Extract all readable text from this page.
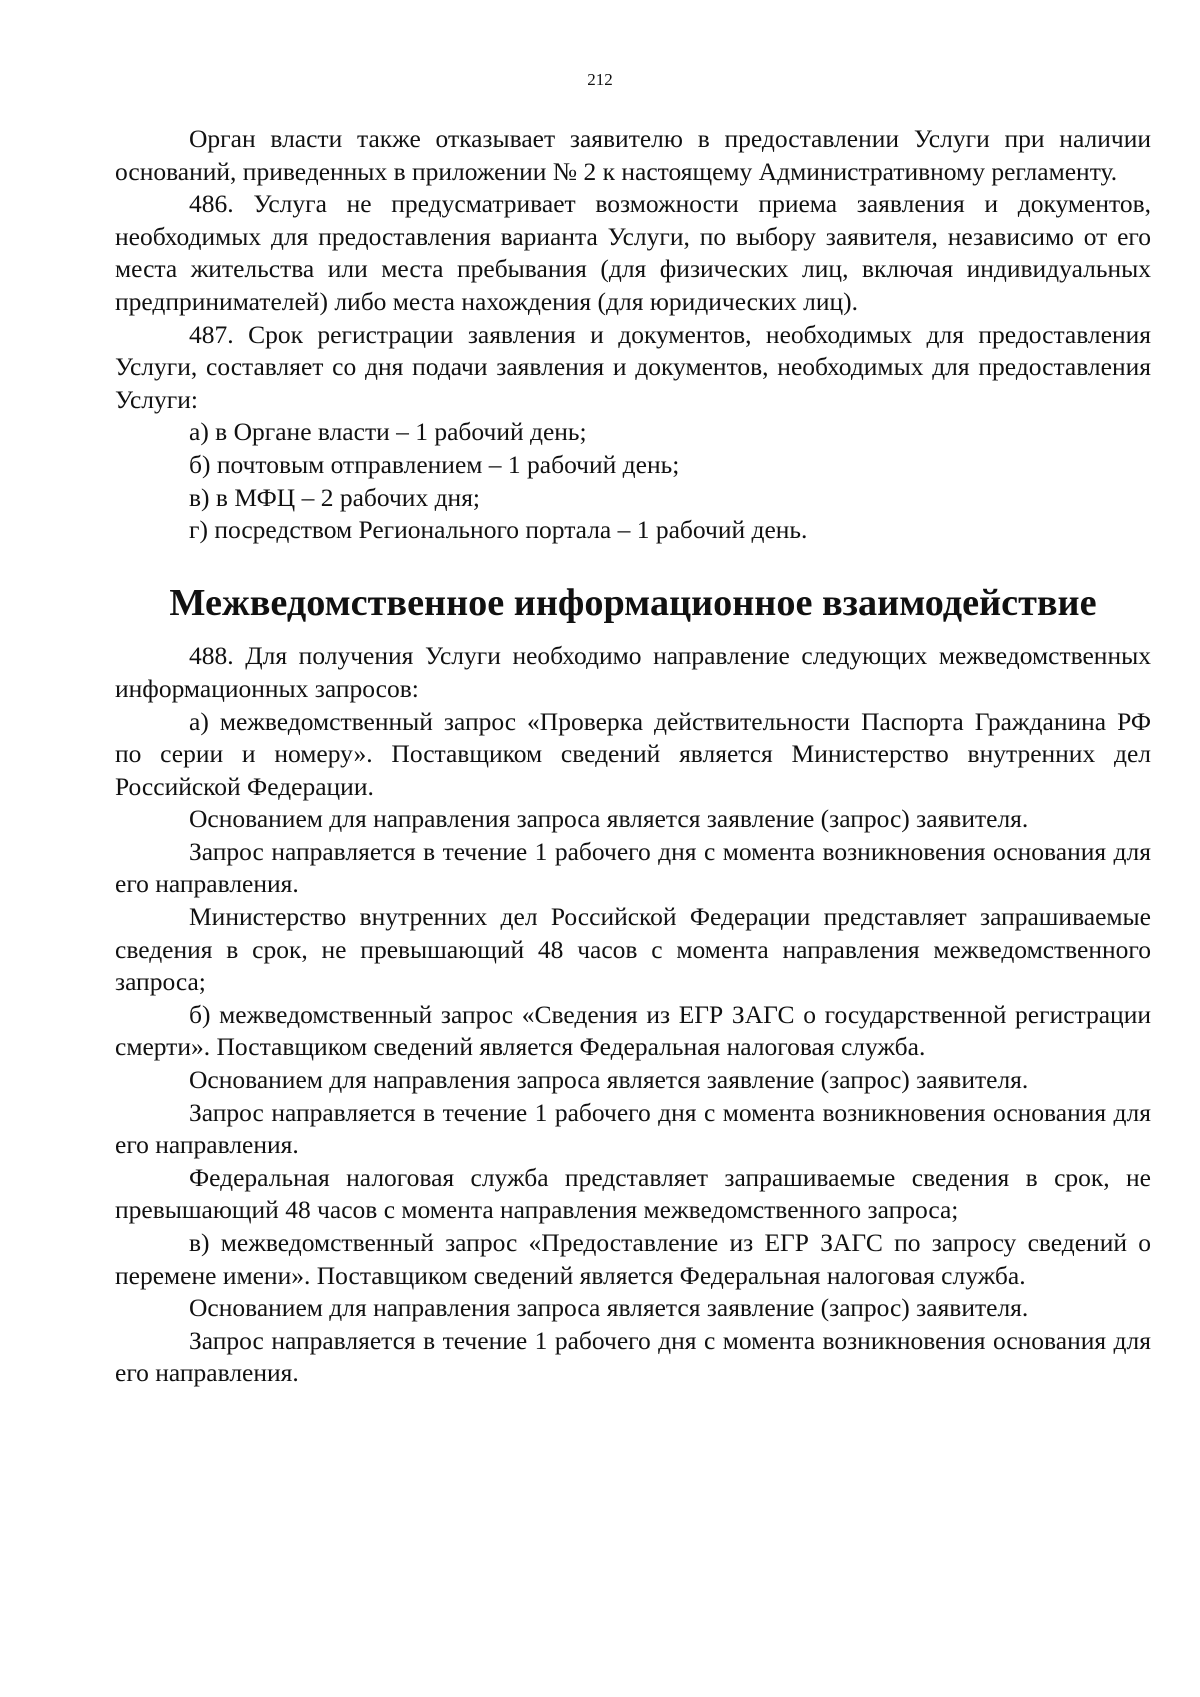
212

Орган власти также отказывает заявителю в предоставлении Услуги при наличии оснований, приведенных в приложении № 2 к настоящему Административному регламенту.

486. Услуга не предусматривает возможности приема заявления и документов, необходимых для предоставления варианта Услуги, по выбору заявителя, независимо от его места жительства или места пребывания (для физических лиц, включая индивидуальных предпринимателей) либо места нахождения (для юридических лиц).

487. Срок регистрации заявления и документов, необходимых для предоставления Услуги, составляет со дня подачи заявления и документов, необходимых для предоставления Услуги:

а) в Органе власти – 1 рабочий день;

б) почтовым отправлением – 1 рабочий день;

в) в МФЦ – 2 рабочих дня;

г) посредством Регионального портала – 1 рабочий день.

Межведомственное информационное взаимодействие

488. Для получения Услуги необходимо направление следующих межведомственных информационных запросов:

а) межведомственный запрос «Проверка действительности Паспорта Гражданина РФ по серии и номеру». Поставщиком сведений является Министерство внутренних дел Российской Федерации.

Основанием для направления запроса является заявление (запрос) заявителя.

Запрос направляется в течение 1 рабочего дня с момента возникновения основания для его направления.

Министерство внутренних дел Российской Федерации представляет запрашиваемые сведения в срок, не превышающий 48 часов с момента направления межведомственного запроса;

б) межведомственный запрос «Сведения из ЕГР ЗАГС о государственной регистрации смерти». Поставщиком сведений является Федеральная налоговая служба.

Основанием для направления запроса является заявление (запрос) заявителя.

Запрос направляется в течение 1 рабочего дня с момента возникновения основания для его направления.

Федеральная налоговая служба представляет запрашиваемые сведения в срок, не превышающий 48 часов с момента направления межведомственного запроса;

в) межведомственный запрос «Предоставление из ЕГР ЗАГС по запросу сведений о перемене имени». Поставщиком сведений является Федеральная налоговая служба.

Основанием для направления запроса является заявление (запрос) заявителя.

Запрос направляется в течение 1 рабочего дня с момента возникновения основания для его направления.
